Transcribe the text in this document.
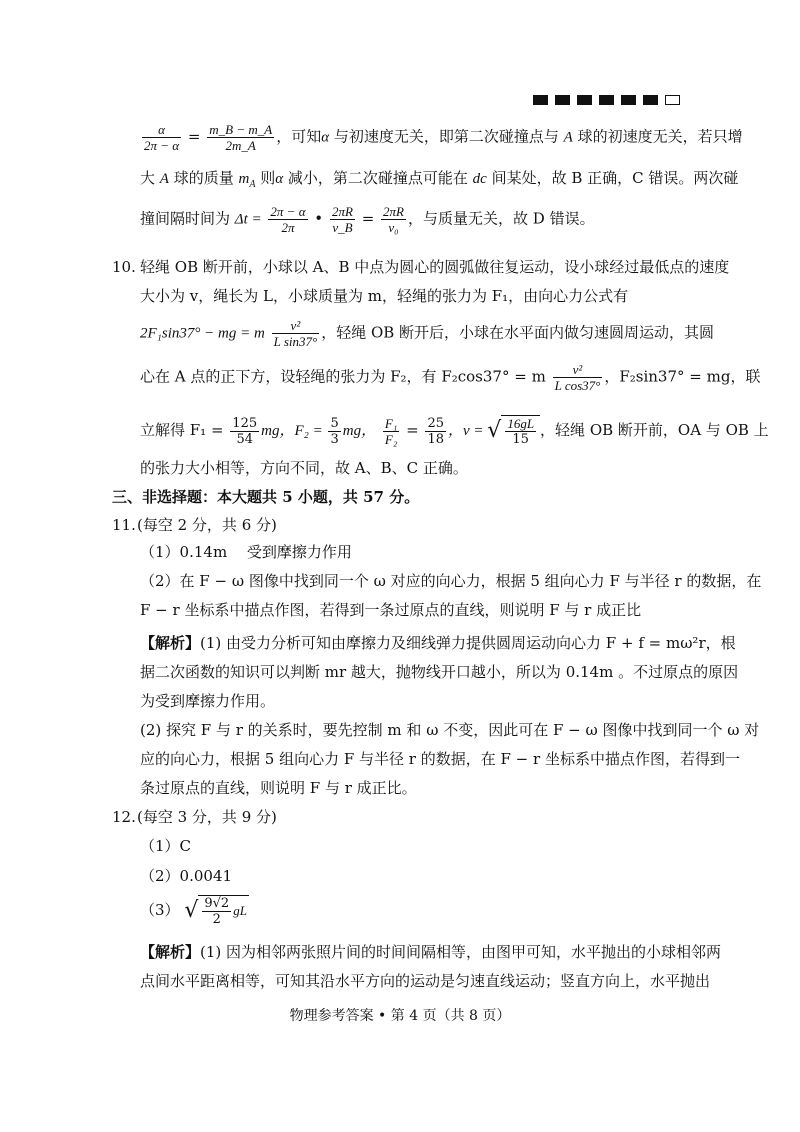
$\frac{\alpha}{2\pi - \alpha} = \frac{m\_B - m\_A}{2m\_A}$ ，可知α 与初速度无关，即第二次碰撞点与 A 球的初速度无关，若只增
大 A 球的质量 $m_A$ 则α 减小，第二次碰撞点可能在 dc 间某处，故 B 正确，C 错误。两次碰
撞间隔时间为 $\Delta t = \frac{2\pi - \alpha}{2\pi}$ • $\frac{2\pi R}{v\_B} = \frac{2\pi R}{\text{v₀}}$ ，与质量无关，故 D 错误。
10. 轻绳 OB 断开前，小球以 A、B 中点为圆心的圆弧做往复运动，设小球经过最低点的速度
大小为 v，绳长为 L，小球质量为 m，轻绳的张力为 F₁，由向心力公式有
2F₁sin37° − mg = m $\frac{\text{v²}}{\text{L sin37°}}$ ，轻绳 OB 断开后，小球在水平面内做匀速圆周运动，其圆
心在 A 点的正下方，设轻绳的张力为 F₂，有 F₂cos37° = m $\frac{\text{v²}}{\text{L cos37°}}$ ，F₂sin37° = mg，联
立解得 $F_1 = \frac{125}{54}$ mg，$F_2 = \frac{5}{3}$ mg， $\frac{\text{F₁}}{\text{F₂}} = \frac{25}{18}$ ，v = √ $\frac{16gL}{15}$ ，轻绳 OB 断开前，OA 与 OB 上
的张力大小相等，方向不同，故 A、B、C 正确。
三、非选择题：本大题共 5 小题，共 57 分。
11. (每空 2 分，共 6 分)
（1）0.14m　 受到摩擦力作用
（2）在 F − ω 图像中找到同一个 ω 对应的向心力，根据 5 组向心力 F 与半径 r 的数据，在
F − r 坐标系中描点作图，若得到一条过原点的直线，则说明 F 与 r 成正比
【解析】(1) 由受力分析可知由摩擦力及细线弹力提供圆周运动向心力 F + f = mω²r，根
据二次函数的知识可以判断 mr 越大，抛物线开口越小，所以为 0.14m 。不过原点的原因
为受到摩擦力作用。
(2) 探究 F 与 r 的关系时，要先控制 m 和 ω 不变，因此可在 F − ω 图像中找到同一个 ω 对
应的向心力，根据 5 组向心力 F 与半径 r 的数据，在 F − r 坐标系中描点作图，若得到一
条过原点的直线，则说明 F 与 r 成正比。
12. (每空 3 分，共 9 分)
（1）C
（2）0.0041
（3） √ $\frac{9√2}{2}$ gL
【解析】(1) 因为相邻两张照片间的时间间隔相等，由图甲可知，水平抛出的小球相邻两
点间水平距离相等，可知其沿水平方向的运动是匀速直线运动；竖直方向上，水平抛出
物理参考答案 • 第 4 页（共 8 页）
